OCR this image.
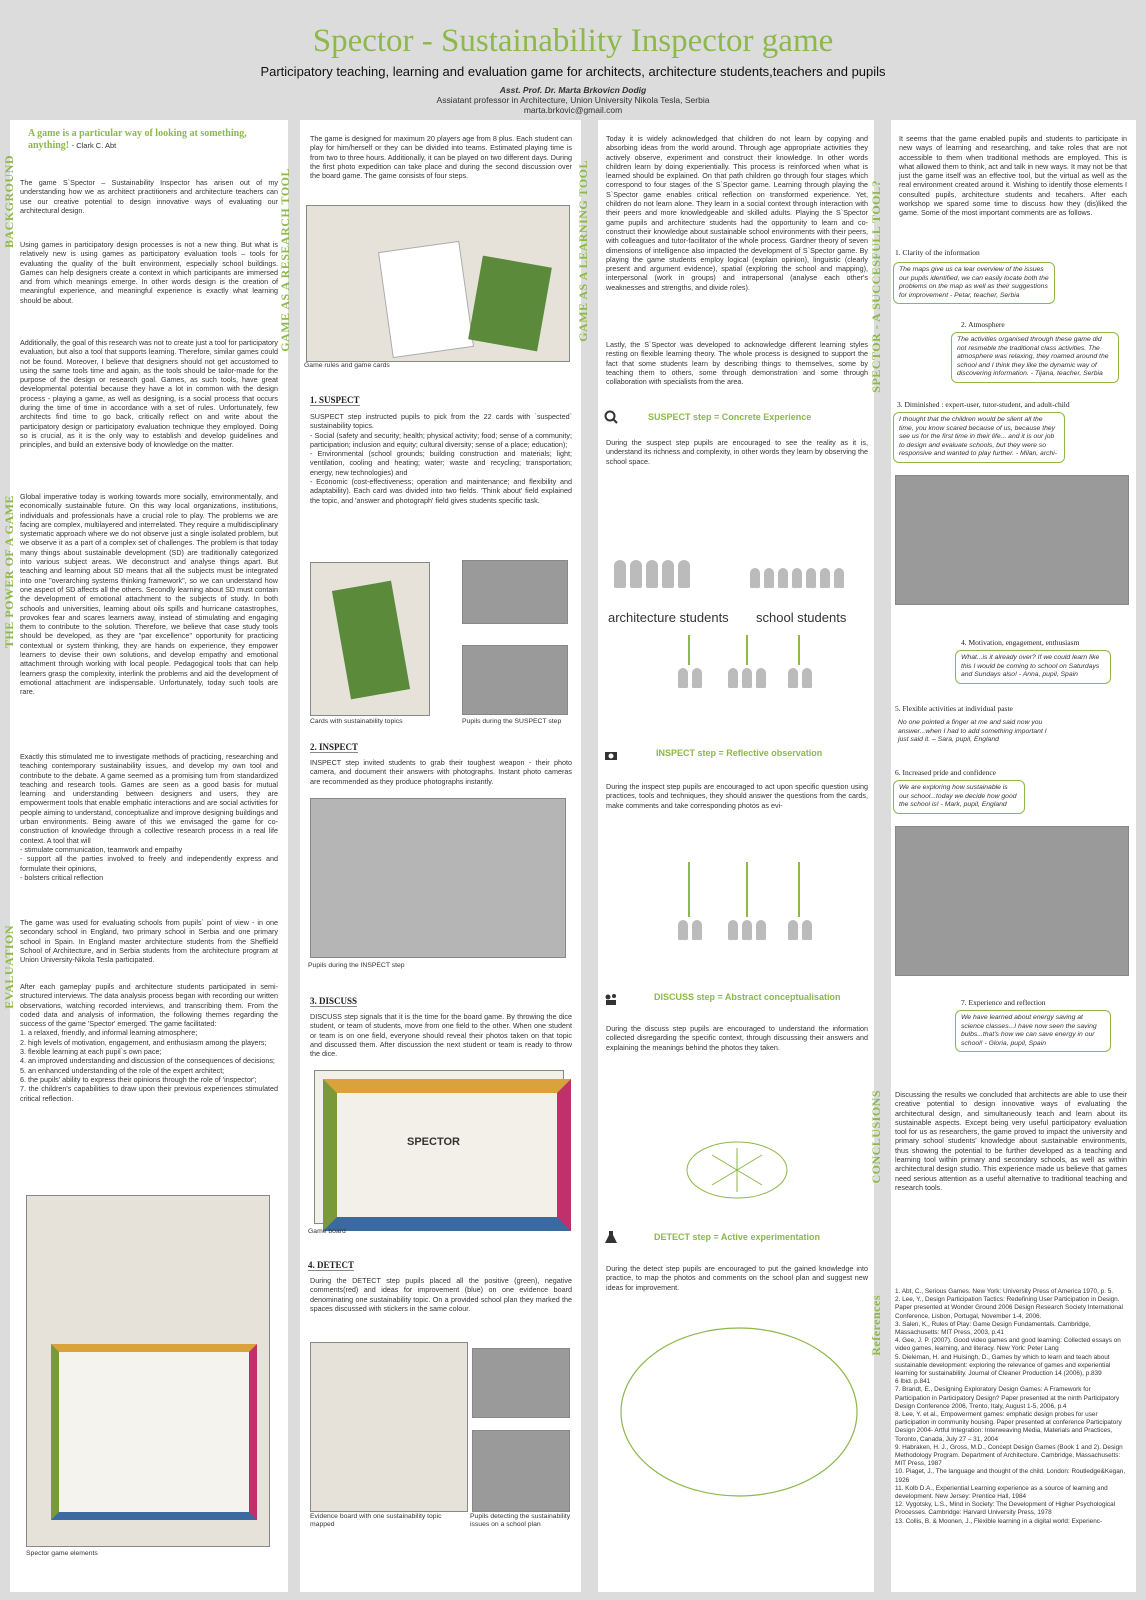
Spector - Sustainability Inspector game
Participatory teaching, learning and evaluation game for architects, architecture students,teachers and pupils
Asst. Prof. Dr. Marta Brkovicn Dodig
Assiatant professor in Architecture, Union University Nikola Tesla, Serbia
marta.brkovic@gmail.com
A game is a particular way of looking at something, anything! - Clark C. Abt
BACKGROUND
THE POWER OF A GAME
EVALUATION
The game S`Spector – Sustainability Inspector has arisen out of my understanding how we as architect practitioners and architecture teachers can use our creative potential to design innovative ways of evaluating our architectural design.
Using games in participatory design processes is not a new thing. But what is relatively new is using games as participatory evaluation tools – tools for evaluating the quality of the built environment, especially school buildings. Games can help designers create a context in which participants are immersed and from which meanings emerge. In other words design is the creation of meaningful experience, and meaningful experience is exactly what learning should be about.
Additionally, the goal of this research was not to create just a tool for participatory evaluation, but also a tool that supports learning. Therefore, similar games could not be found. Moreover, I believe that designers should not get accustomed to using the same tools time and again, as the tools should be tailor-made for the purpose of the design or research goal. Games, as such tools, have great developmental potential because they have a lot in common with the design process - playing a game, as well as designing, is a social process that occurs during the time of time in accordance with a set of rules. Unfortunately, few architects find time to go back, critically reflect on and write about the participatory design or participatory evaluation technique they employed. Doing so is crucial, as it is the only way to establish and develop guidelines and principles, and build an extensive body of knowledge on the matter.
Global imperative today is working towards more socially, environmentally, and economically sustainable future. On this way local organizations, institutions, individuals and professionals have a crucial role to play. The problems we are facing are complex, multilayered and interrelated. They require a multidisciplinary systematic approach where we do not observe just a single isolated problem, but we observe it as a part of a complex set of challenges. The problem is that today many things about sustainable development (SD) are traditionally categorized into various subject areas. We deconstruct and analyse things apart. But teaching and learning about SD means that all the subjects must be integrated into one "overarching systems thinking framework", so we can understand how one aspect of SD affects all the others. Secondly learning about SD must contain the development of emotional attachment to the subjects of study. In both schools and universities, learning about oils spills and hurricane catastrophes, provokes fear and scares learners away, instead of stimulating and engaging them to contribute to the solution. Therefore, we believe that case study tools should be developed, as they are "par excellence" opportunity for practicing contextual or system thinking, they are hands on experience, they empower learners to devise their own solutions, and develop empathy and emotional attachment through working with local people. Pedagogical tools that can help learners grasp the complexity, interlink the problems and aid the development of emotional attachment are indispensable. Unfortunately, today such tools are rare.
Exactly this stimulated me to investigate methods of practicing, researching and teaching contemporary sustainability issues, and develop my own tool and contribute to the debate. A game seemed as a promising turn from standardized teaching and research tools. Games are seen as a good basis for mutual learning and understanding between designers and users, they are empowerment tools that enable emphatic interactions and are social activities for people aiming to understand, conceptualize and improve designing buildings and urban environments. Being aware of this we envisaged the game for co-construction of knowledge through a collective research process in a real life context. A tool that will
- stimulate communication, teamwork and empathy
- support all the parties involved to freely and independently express and formulate their opinions,
- bolsters critical reflection
The game was used for evaluating schools from pupils` point of view - in one secondary school in England, two primary school in Serbia and one primary school in Spain. In England master architecture students from the Sheffield School of Architecture, and in Serbia students from the architecture program at Union University-Nikola Tesla participated.
After each gameplay pupils and architecture students participated in semi-structured interviews. The data analysis process began with recording our written observations, watching recorded interviews, and transcribing them. From the coded data and analysis of information, the following themes regarding the success of the game 'Spector' emerged. The game facilitated:
1. a relaxed, friendly, and informal learning atmosphere;
2. high levels of motivation, engagement, and enthusiasm among the players;
3. flexible learning at each pupil`s own pace;
4. an improved understanding and discussion of the consequences of decisions;
5. an enhanced understanding of the role of the expert architect;
6. the pupils' ability to express their opinions through the role of 'inspector';
7. the children's capabilities to draw upon their previous experiences stimulated critical reflection.
Spector game elements
GAME AS A RESEARCH TOOL
The game is designed for maximum 20 players age from 8 plus. Each student can play for him/herself or they can be divided into teams. Estimated playing time is from two to three hours. Additionally, it can be played on two different days. During the first photo expedition can take place and during the second discussion over the board game. The game consists of four steps.
Game rules and game cards
1. SUSPECT
SUSPECT step instructed pupils to pick from the 22 cards with `suspected` sustainability topics.
- Social (safety and security; health; physical activity; food; sense of a community; participation; inclusion and equity; cultural diversity; sense of a place; education);
- Environmental (school grounds; building construction and materials; light; ventilation, cooling and heating; water; waste and recycling; transportation; energy, new technologies) and
- Economic (cost-effectiveness; operation and maintenance; and flexibility and adaptability). Each card was divided into two fields. 'Think about' field explained the topic, and 'answer and photograph' field gives students specific task.
Cards with sustainability topics	Pupils during the SUSPECT step
2. INSPECT
INSPECT step invited students to grab their toughest weapon - their photo camera, and document their answers with photographs. Instant photo cameras are recommended as they produce photographs instantly.
Pupils during the INSPECT step
3. DISCUSS
DISCUSS step signals that it is the time for the board game. By throwing the dice student, or team of students, move from one field to the other. When one student or team is on one field, everyone should reveal their photos taken on that topic and discussed them. After discussion the next student or team is ready to throw the dice.
SPECTOR
Game board
4. DETECT
During the DETECT step pupils placed all the positive (green), negative comments(red) and ideas for improvement (blue) on one evidence board denominating one sustainability topic. On a provided school plan they marked the spaces discussed with stickers in the same colour.
Evidence board with one sustainability topic mapped
Pupils detecting the sustainability issues on a school plan
GAME AS A LEARNING TOOL
Today it is widely acknowledged that children do not learn by copying and absorbing ideas from the world around. Through age appropriate activities they actively observe, experiment and construct their knowledge. In other words children learn by doing experientially. This process is reinforced when what is learned should be explained. On that path children go through four stages which correspond to four stages of the S`Spector game. Learning through playing the S`Spector game enables critical reflection on transformed experience. Yet, children do not learn alone. They learn in a social context through interaction with their peers and more knowledgeable and skilled adults. Playing the S`Spector game pupils and architecture students had the opportunity to learn and co-construct their knowledge about sustainable school environments with their peers, with colleagues and tutor-facilitator of the whole process. Gardner theory of seven dimensions of intelligence also impacted the development of S`Spector game. By playing the game students employ logical (explain opinion), linguistic (clearly present and argument evidence), spatial (exploring the school and mapping), interpersonal (work in groups) and intrapersonal (analyse each other's weaknesses and strengths, and divide roles).
Lastly, the S`Spector was developed to acknowledge different learning styles resting on flexible learning theory. The whole process is designed to support the fact that some students learn by describing things to themselves, some by teaching them to others, some through demonstration and some through collaboration with specialists from the area.
SUSPECT step = Concrete Experience
During the suspect step pupils are encouraged to see the reality as it is, understand its richness and complexity, in other words they learn by observing the school space.
architecture students school students
INSPECT step = Reflective observation
During the inspect step pupils are encouraged to act upon specific question using practices, tools and techniques, they should answer the questions from the cards, make comments and take corresponding photos as evi-
DISCUSS step = Abstract conceptualisation
During the discuss step pupils are encouraged to understand the information collected disregarding the specific context, through discussing their answers and explaining the meanings behind the photos they taken.
DETECT step = Active experimentation
During the detect step pupils are encouraged to put the gained knowledge into practice, to map the photos and comments on the school plan and suggest new ideas for improvement.
SPECTOR - A SUCCESFULL TOOL?
CONCLUSIONS
References
It seems that the game enabled pupils and students to participate in new ways of learning and researching, and take roles that are not accessible to them when traditional methods are employed. This is what allowed them to think, act and talk in new ways. It may not be that just the game itself was an effective tool, but the virtual as well as the real environment created around it. Wishing to identify those elements I consulted pupils, architecture students and tecahers. After each workshop we spared some time to discuss how they (dis)liked the game. Some of the most important comments are as follows.
1. Clarity of the information
The maps give us ca lear overview of the issues our pupils identified, we can easily locate both the problems on the map as well as their suggestions for improvement - Petar, teacher, Serbia
2. Atmosphere
The activities organised through these game did not resmeble the traditional class activities. The atmosphere was relaxing, they roamed around the school and I think they like the dynamic way of discovering information. - Tijana, teacher, Serbia
3. Diminished : expert-user, tutor-student, and adult-child
I thought that the children would be silent all the time, you know scared because of us, because they see us for the first time in their life... and it is our job to design and evaluate schools, but they were so responsive and wanted to play further. - Milan, archi-
4. Motivation, engagement, enthusiasm
What...is it already over? If we could learn like this I would be coming to school on Saturdays and Sundays also! - Anna, pupil, Spain
5. Flexible activities at individual paste
No one pointed a finger at me and said now you answer...when I had to add something important I just said it. – Sara, pupil, England
6. Increased pride and confidence
We are exploring how sustainable is our school...today we decide how good the school is! - Mark, pupil, England
7. Experience and reflection
We have learned about energy saving at science classes...I have now seen the saving bulbs...that's how we can save energy in our school! - Gloria, pupil, Spain
Discussing the results we concluded that architects are able to use their creative potential to design innovative ways of evaluating the architectural design, and simultaneously teach and learn about its sustainable aspects. Except being very useful participatory evaluation tool for us as researchers, the game proved to impact the university and primary school students' knowledge about sustainable environments, thus showing the potential to be further developed as a teaching and learning tool within primary and secondary schools, as well as within architectural design studio. This experience made us believe that games need serious attention as a useful alternative to traditional teaching and research tools.
1. Abt, C., Serious Games. New York: University Press of America 1970, p. 5.
2. Lee, Y., Design Participation Tactics: Redefining User Participation in Design. Paper presented at Wonder Ground 2006 Design Research Society International Conference, Lisbon, Portugal, November 1-4, 2006.
3. Salen, K., Rules of Play: Game Design Fundamentals. Cambridge, Massachusetts: MIT Press, 2003, p.41
4. Gee, J. P. (2007). Good video games and good learning: Collected essays on video games, learning, and literacy. New York: Peter Lang
5. Dieleman, H. and Huisingh, D., Games by which to learn and teach about sustainable development: exploring the relevance of games and experiential learning for sustainability. Journal of Cleaner Production 14 (2006), p.839
6 Ibid. p.841
7. Brandt, E., Designing Exploratory Design Games: A Framework for Participation in Participatory Design? Paper presented at the ninth Participatory Design Conference 2006, Trento, Italy, August 1-5, 2006, p.4
8. Lee, Y. et al., Empowerment games: emphatic design probes for user participation in community housing. Paper presented at conference Participatory Design 2004- Artful Integration: Interweaving Media, Materials and Practices, Toronto, Canada, July 27 – 31, 2004
9. Habraken, H. J., Gross, M.D., Concept Design Games (Book 1 and 2). Design Methodology Program. Department of Architecture. Cambridge, Massachusetts: MIT Press, 1987
10. Piaget, J., The language and thought of the child. London: Routledge&Kegan, 1926
11. Kolb D.A., Experiential Learning experience as a source of learning and development. New Jersey: Prentice Hall, 1984
12. Vygotsky, L.S., Mind in Society: The Development of Higher Psychological Processes. Cambridge: Harvard University Press, 1978
13. Collis, B. & Moonen, J., Flexible learning in a digital world: Experienc-
